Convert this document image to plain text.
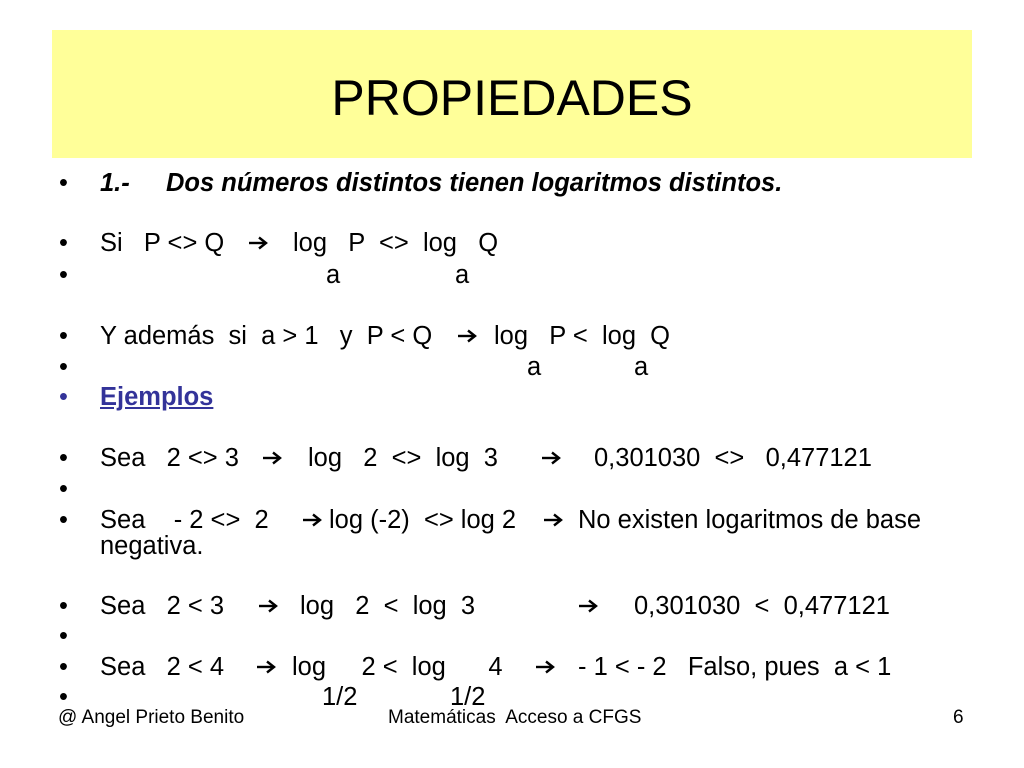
PROPIEDADES
• 1.- Dos números distintos tienen logaritmos distintos.
• Si   P <> Q	log   P  <>  log   Q
•	a	a
• Y además  si  a > 1   y  P < Q log   P <  log  Q
•	a	a
• Ejemplos
• Sea   2 <> 3	log   2  <>  log  3	0,301030  <>   0,477121
•
• Sea    - 2 <>  2 log (-2)  <> log 2 No existen logaritmos de base
negativa.
• Sea   2 < 3	log   2  <  log  3	0,301030  <  0,477121
•
• Sea   2 < 4	log     2 <  log      4	- 1 < - 2   Falso, pues  a < 1
•	1/2	1/2
@ Angel Prieto Benito	Matemáticas  Acceso a CFGS	6
